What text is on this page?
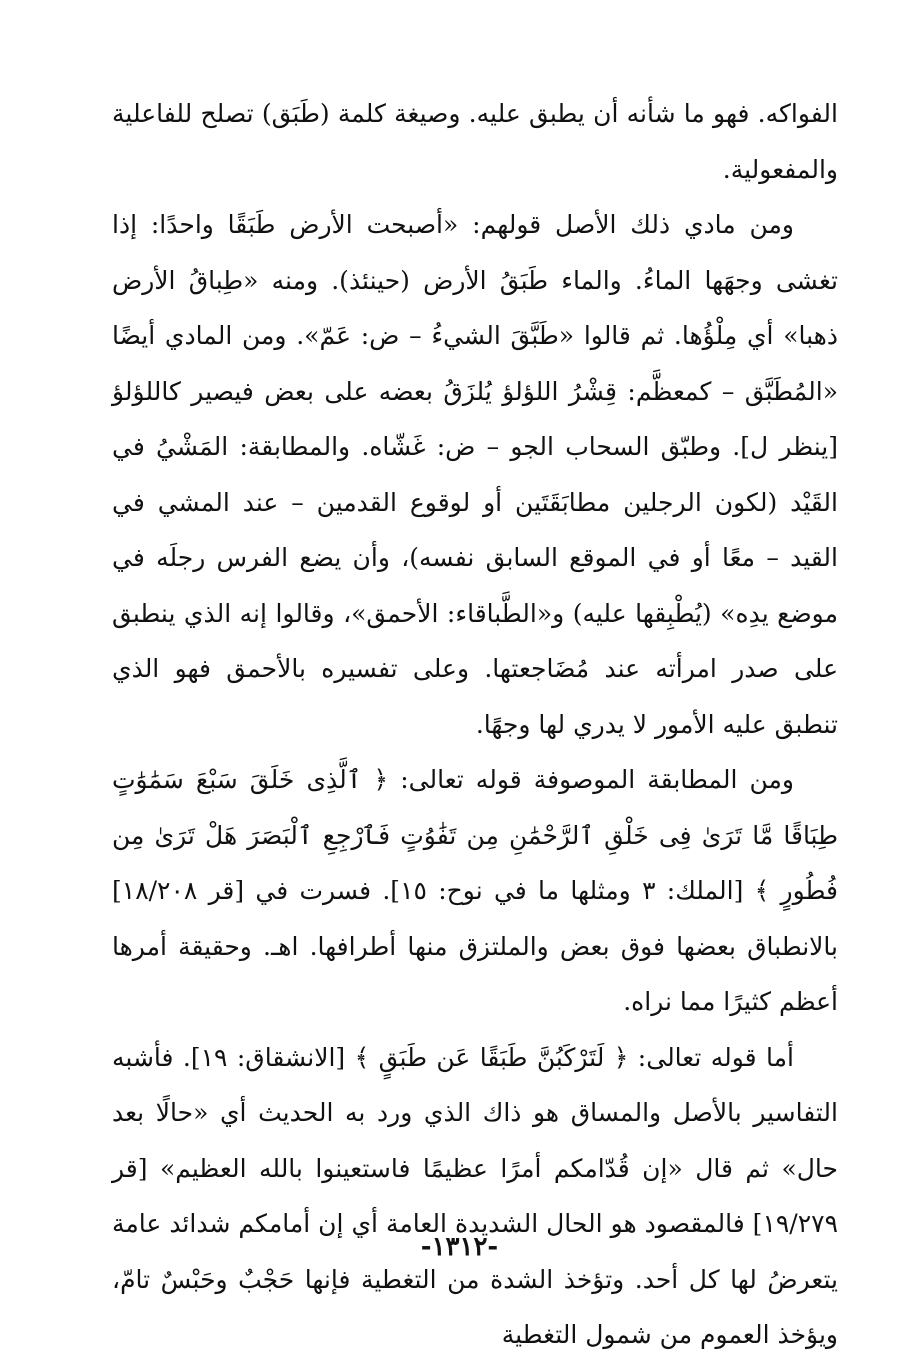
الفواكه. فهو ما شأنه أن يطبق عليه. وصيغة كلمة (طَبَق) تصلح للفاعلية والمفعولية.

ومن مادي ذلك الأصل قولهم: «أصبحت الأرض طَبَقًا واحدًا: إذا تغشى وجهَها الماءُ. والماء طَبَقُ الأرض (حينئذ). ومنه «طِباقُ الأرض ذهبا» أي مِلْؤُها. ثم قالوا «طَبَّقَ الشيءُ – ض: عَمّ». ومن المادي أيضًا «المُطَبَّق – كمعظَّم: قِشْرُ اللؤلؤ يُلزَقُ بعضه على بعض فيصير كاللؤلؤ [ينظر ل]. وطبّق السحاب الجو – ض: غَشّاه. والمطابقة: المَشْيُ في القَيْد (لكون الرجلين مطابَقَتَين أو لوقوع القدمين – عند المشي في القيد – معًا أو في الموقع السابق نفسه)، وأن يضع الفرس رجلَه في موضع يدِه» (يُطْبِقها عليه) و«الطَّباقاء: الأحمق»، وقالوا إنه الذي ينطبق على صدر امرأته عند مُضَاجعتها. وعلى تفسيره بالأحمق فهو الذي تنطبق عليه الأمور لا يدري لها وجهًا.

ومن المطابقة الموصوفة قوله تعالى: ﴿ ٱلَّذِى خَلَقَ سَبْعَ سَمَٰوَٰتٍ طِبَاقًا مَّا تَرَىٰ فِى خَلْقِ ٱلرَّحْمَٰنِ مِن تَفَٰوُتٍ فَٱرْجِعِ ٱلْبَصَرَ هَلْ تَرَىٰ مِن فُطُورٍ ﴾ [الملك: ٣ ومثلها ما في نوح: ١٥]. فسرت في [قر ١٨/٢٠٨] بالانطباق بعضها فوق بعض والملتزق منها أطرافها. اهـ. وحقيقة أمرها أعظم كثيرًا مما نراه.

أما قوله تعالى: ﴿ لَتَرْكَبُنَّ طَبَقًا عَن طَبَقٍ ﴾ [الانشقاق: ١٩]. فأشبه التفاسير بالأصل والمساق هو ذاك الذي ورد به الحديث أي «حالًا بعد حال» ثم قال «إن قُدّامكم أمرًا عظيمًا فاستعينوا بالله العظيم» [قر ١٩/٢٧٩] فالمقصود هو الحال الشديدة العامة أي إن أمامكم شدائد عامة يتعرضُ لها كل أحد. وتؤخذ الشدة من التغطية فإنها حَجْبٌ وحَبْسٌ تامّ، ويؤخذ العموم من شمول التغطية

-١٣١٢-
